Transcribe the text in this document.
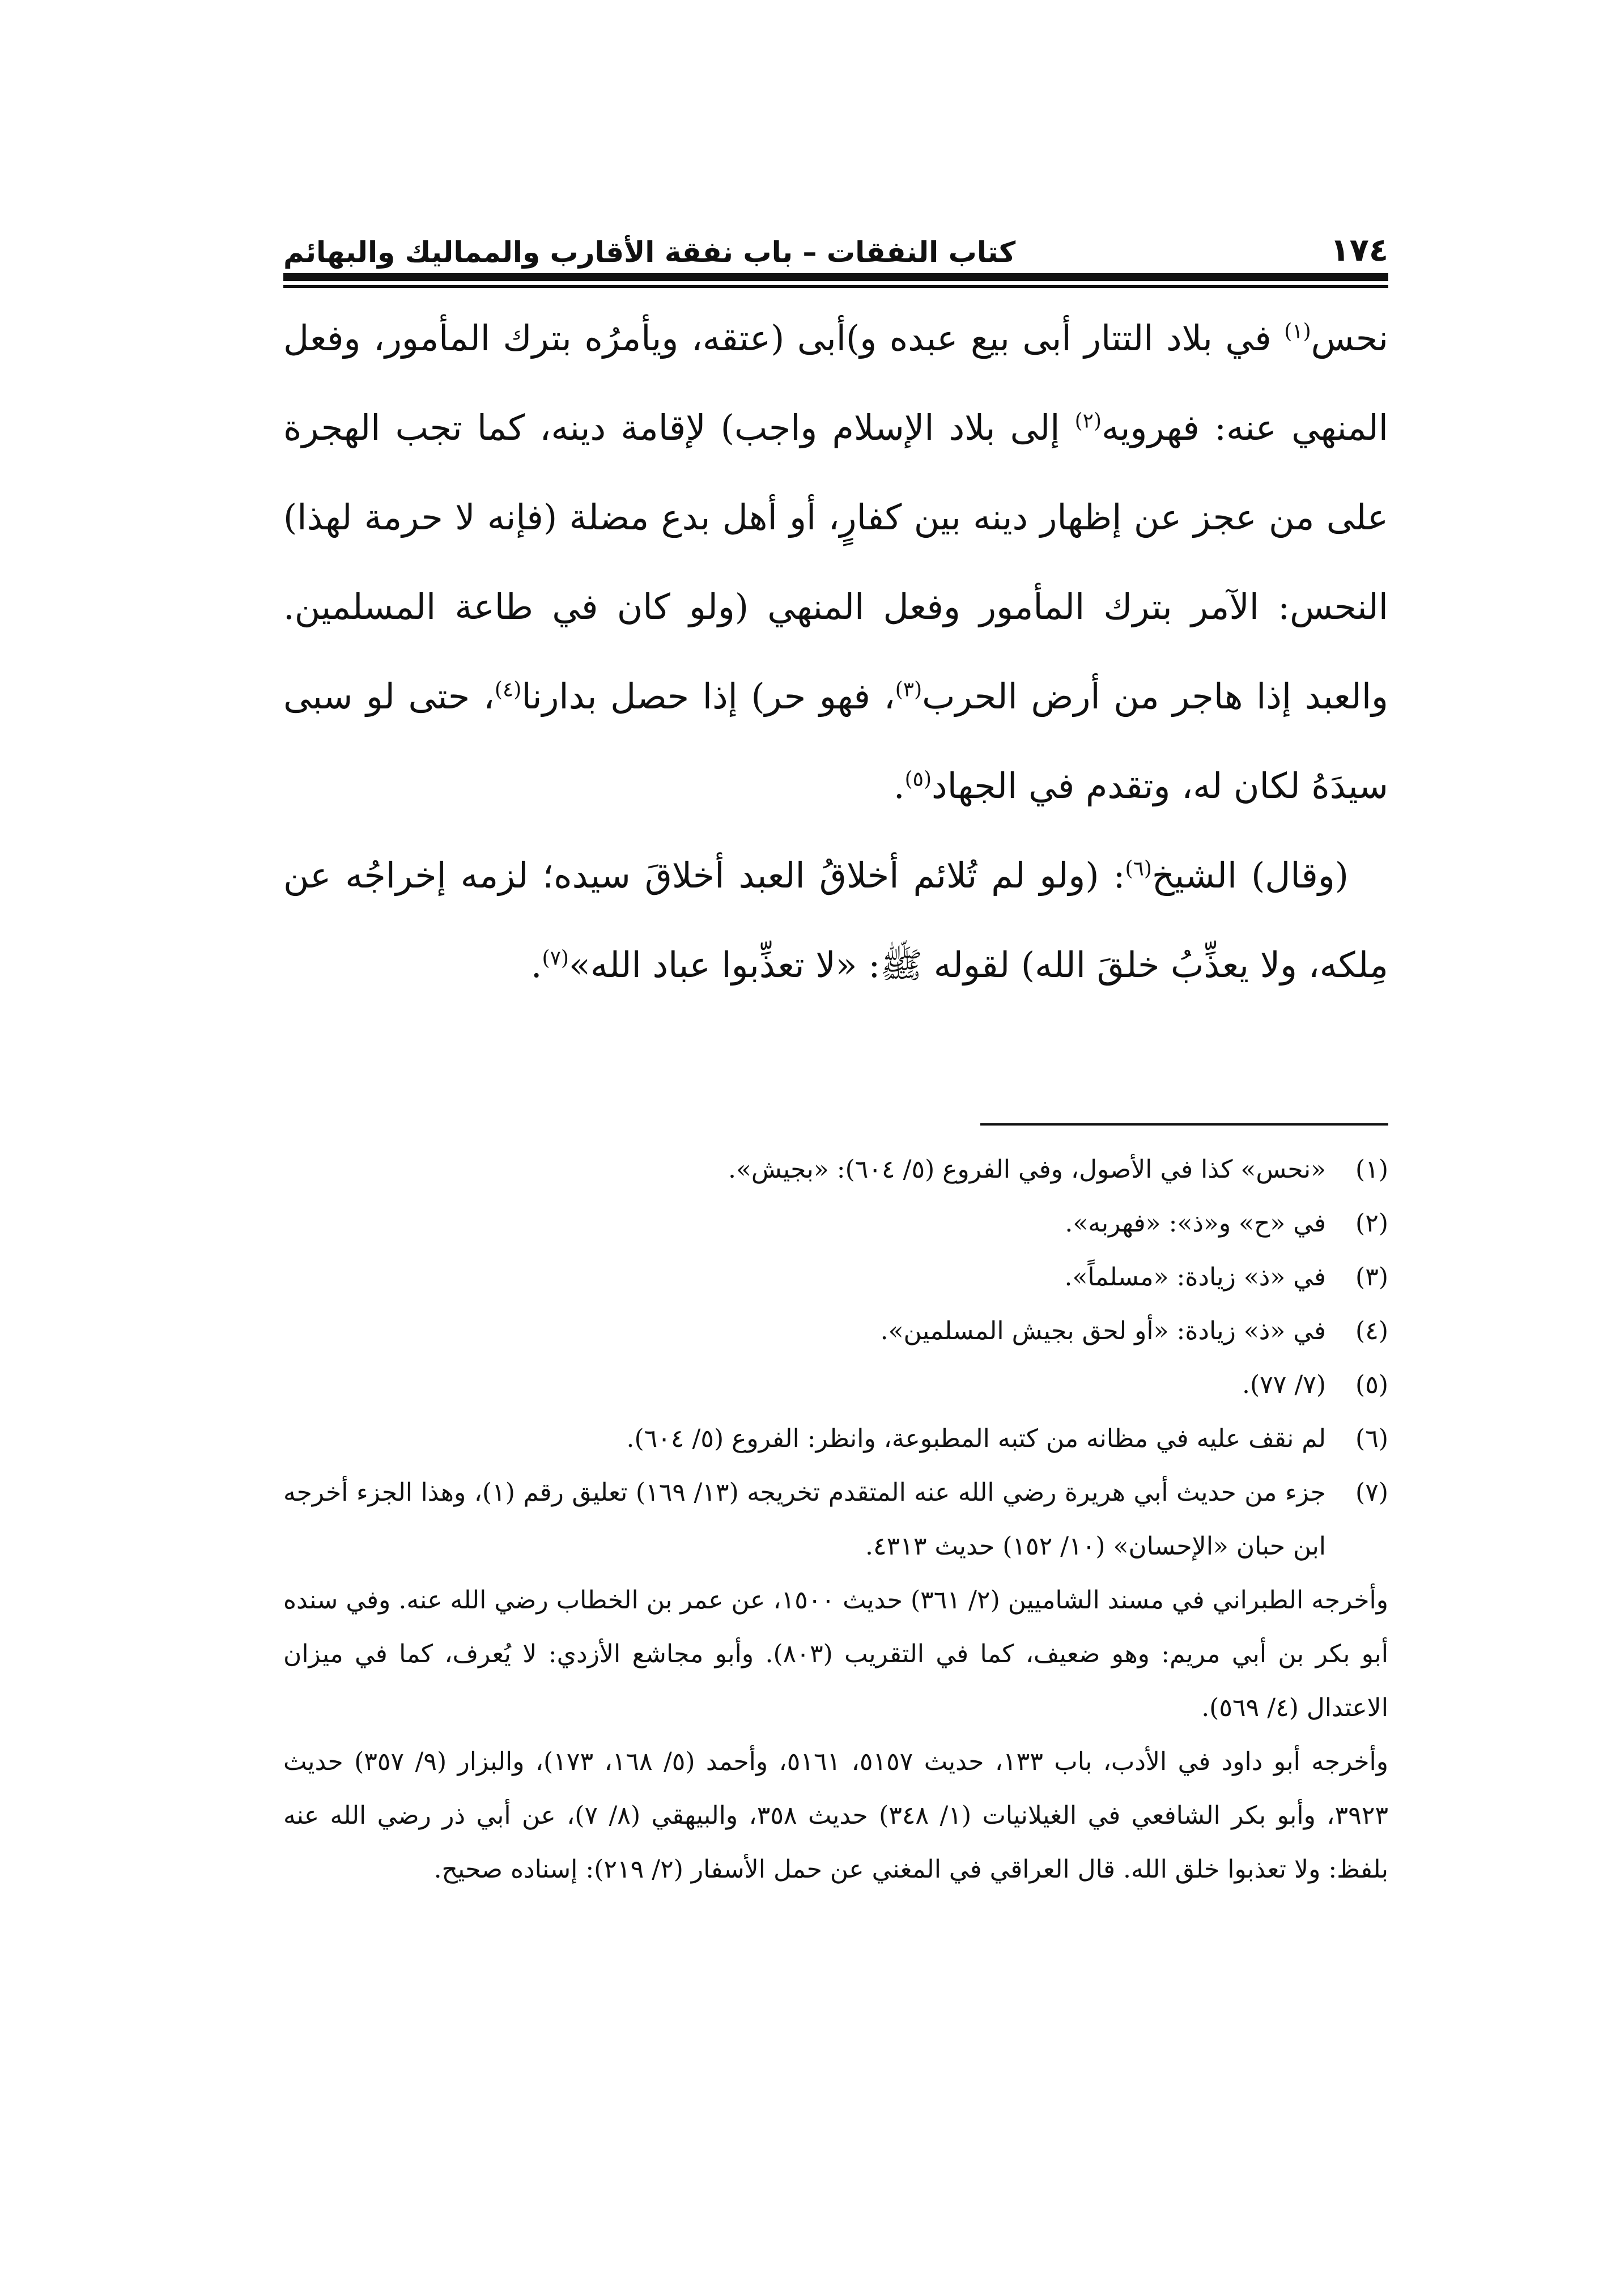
١٧٤
كتاب النفقات – باب نفقة الأقارب والمماليك والبهائم

نحس$^{(١)}$ في بلاد التتار أبى بيع عبده و)أبى (عتقه، ويأمرُه بترك المأمور، وفعل المنهي عنه: فهرويه$^{(٢)}$ إلى بلاد الإسلام واجب) لإقامة دينه، كما تجب الهجرة على من عجز عن إظهار دينه بين كفارٍ، أو أهل بدع مضلة (فإنه لا حرمة لهذا) النحس: الآمر بترك المأمور وفعل المنهي (ولو كان في طاعة المسلمين. والعبد إذا هاجر من أرض الحرب$^{(٣)}$، فهو حر) إذا حصل بدارنا$^{(٤)}$، حتى لو سبى سيدَهُ لكان له، وتقدم في الجهاد$^{(٥)}$.

(وقال) الشيخ$^{(٦)}$: (ولو لم تُلائم أخلاقُ العبد أخلاقَ سيده؛ لزمه إخراجُه عن مِلكه، ولا يعذِّبُ خلقَ الله) لقوله ﷺ: «لا تعذِّبوا عباد الله»$^{(٧)}$.

(١)
«نحس» كذا في الأصول، وفي الفروع (٥/ ٦٠٤): «بجيش».
(٢)
في «ح» و«ذ»: «فهربه».
(٣)
في «ذ» زيادة: «مسلماً».
(٤)
في «ذ» زيادة: «أو لحق بجيش المسلمين».
(٥)
(٧/ ٧٧).
(٦)
لم نقف عليه في مظانه من كتبه المطبوعة، وانظر: الفروع (٥/ ٦٠٤).
(٧)
جزء من حديث أبي هريرة رضي الله عنه المتقدم تخريجه (١٣/ ١٦٩) تعليق رقم (١)، وهذا الجزء أخرجه ابن حبان «الإحسان» (١٠/ ١٥٢) حديث ٤٣١٣.
وأخرجه الطبراني في مسند الشاميين (٢/ ٣٦١) حديث ١٥٠٠، عن عمر بن الخطاب رضي الله عنه. وفي سنده أبو بكر بن أبي مريم: وهو ضعيف، كما في التقريب (٨٠٣). وأبو مجاشع الأزدي: لا يُعرف، كما في ميزان الاعتدال (٤/ ٥٦٩).
وأخرجه أبو داود في الأدب، باب ١٣٣، حديث ٥١٥٧، ٥١٦١، وأحمد (٥/ ١٦٨، ١٧٣)، والبزار (٩/ ٣٥٧) حديث ٣٩٢٣، وأبو بكر الشافعي في الغيلانيات (١/ ٣٤٨) حديث ٣٥٨، والبيهقي (٨/ ٧)، عن أبي ذر رضي الله عنه بلفظ: ولا تعذبوا خلق الله. قال العراقي في المغني عن حمل الأسفار (٢/ ٢١٩): إسناده صحيح.
